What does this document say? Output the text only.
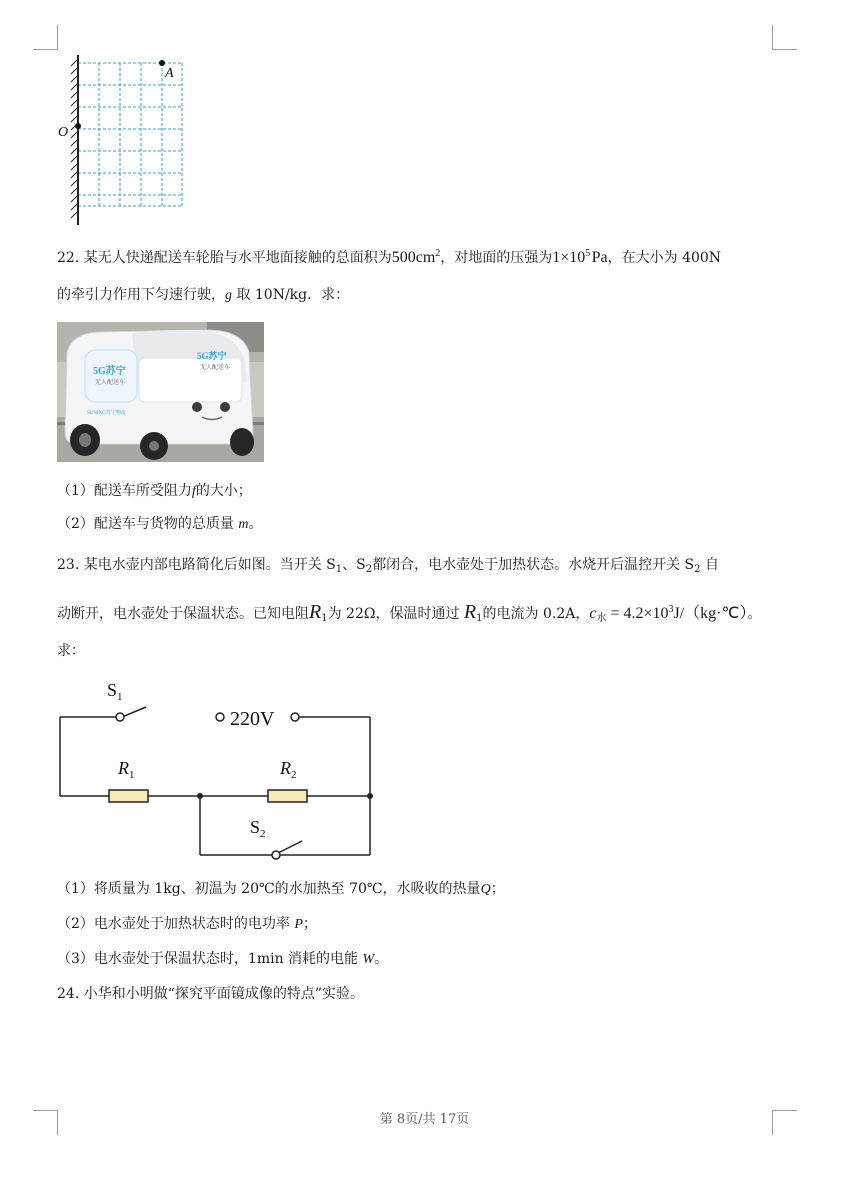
A
O
22. 某无人快递配送车轮胎与水平地面接触的总面积为$500cm^2$，对地面的压强为$1\times 10^5$ Pa，在大小为 400N
的牵引力作用下匀速行驶，g 取 10N/kg．求：
5G苏宁
无人配送车
5G苏宁
无人配送车
SUNING苏宁物流
（1）配送车所受阻力f的大小；
（2）配送车与货物的总质量 m。
23. 某电水壶内部电路简化后如图。当开关 $S_1$、$S_2$都闭合，电水壶处于加热状态。水烧开后温控开关 $S_2$ 自
动断开，电水壶处于保温状态。已知电阻$R_1$为 22Ω，保温时通过 $R_1$的电流为 0.2A，$c_水$ = $4.2\times 10^3J/(kg\cdot℃)$。
求：
$S_1$
220V
$R_1$	$R_2$
$S_2$
（1）将质量为 1kg、初温为 20℃的水加热至 70℃，水吸收的热量Q；
（2）电水壶处于加热状态时的电功率 P；
（3）电水壶处于保温状态时，1min 消耗的电能 W。
24. 小华和小明做“探究平面镜成像的特点”实验。
第 8页/共 17页
